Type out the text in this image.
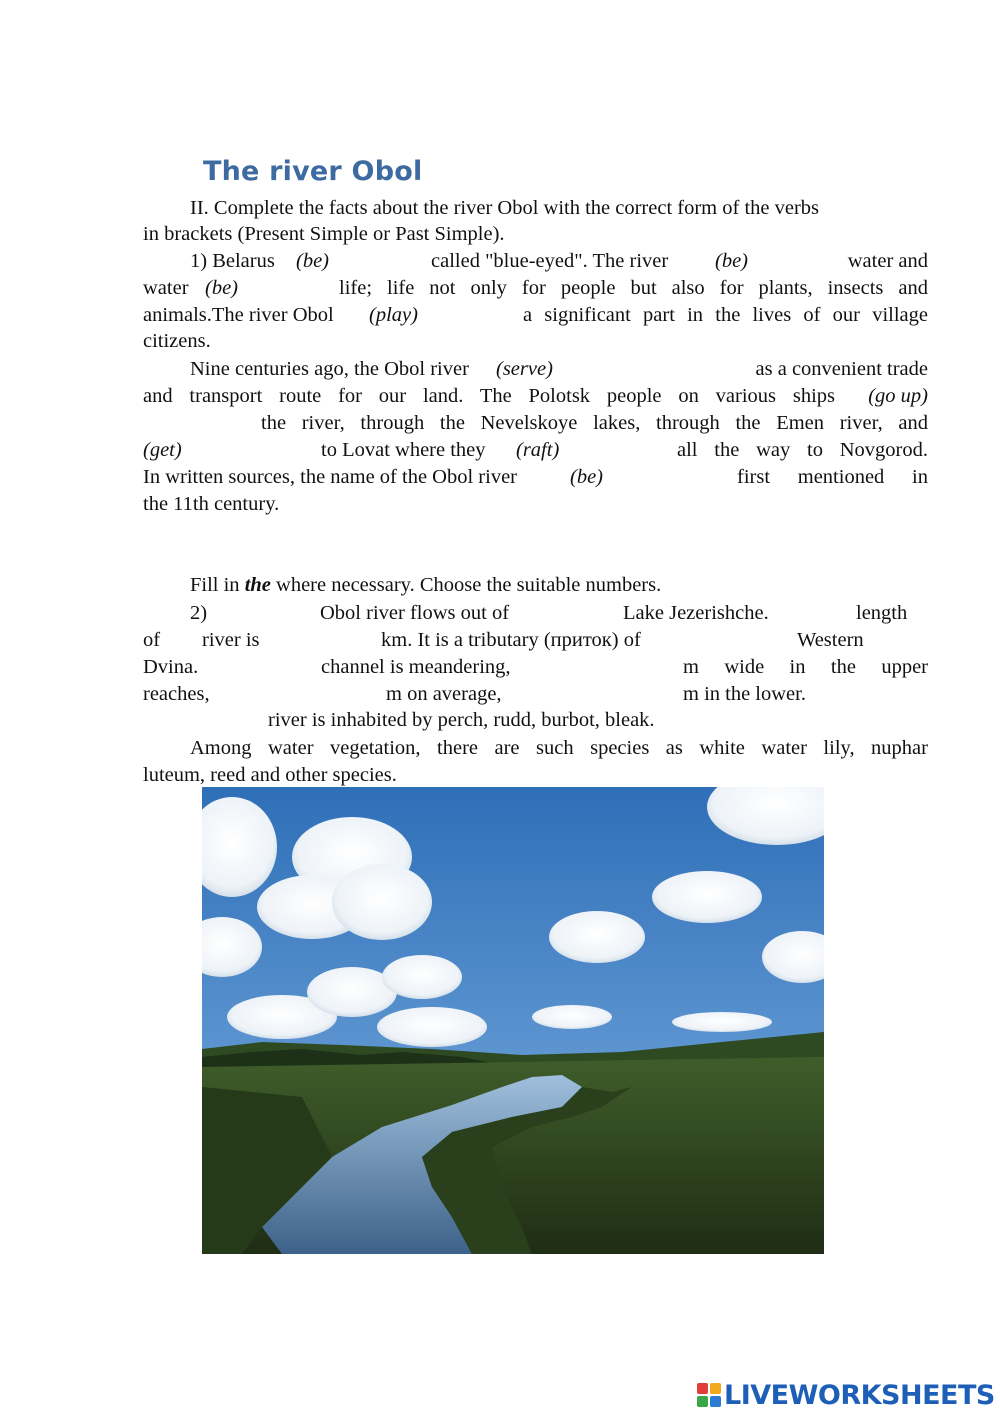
The river Obol
II. Complete the facts about the river Obol with the correct form of the verbs
in brackets (Present Simple or Past Simple).
1) Belarus (be)	called "blue-eyed". The river (be)	water and
water (be)	life; life not only for people but also for plants, insects and
animals.The river Obol (play)	a significant part in the lives of our village
citizens.
Nine centuries ago, the Obol river (serve)	as a convenient trade
and transport route for our land. The Polotsk people on various ships (go up)
the river, through the Nevelskoye lakes, through the Emen river, and
(get)	to Lovat where they (raft)	all the way to Novgorod.
In written sources, the name of the Obol river	(be)	first mentioned in
the 11th century.
Fill in the where necessary. Choose the suitable numbers.
2)	Obol river flows out of	Lake Jezerishche.	length
of river is	km. It is a tributary (приток) of	Western
Dvina.	channel is meandering,	m wide in the upper
reaches,	m on average,	m in the lower.
river is inhabited by perch, rudd, burbot, bleak.
Among water vegetation, there are such species as white water lily, nuphar
luteum, reed and other species.
LIVEWORKSHEETS
